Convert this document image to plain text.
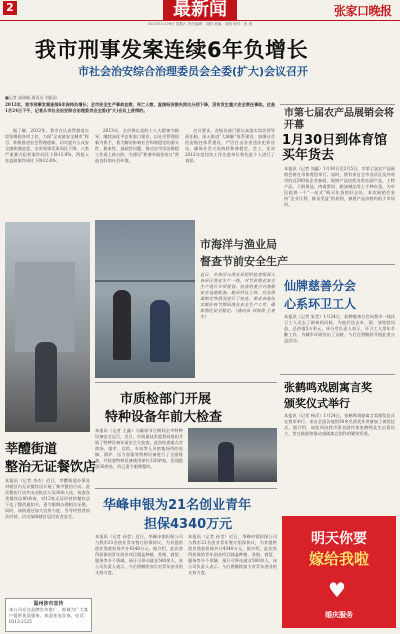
2	最新闻
2013年1月26日 星期六 责任编辑：刘阳 美编：刘阳 校对：张 燕
张家口晚报
我市刑事发案连续6年负增长
市社会治安综合治理委员会全委(扩大)会议召开
■记者 高瑞峰 通讯员 刘振国
2012年，我市刑事发案连续6年保持负增长；全市安全生产事故总数、死亡人数、直接经济损失同比分别下降，没有发生重大安全责任事故。这是1月24日下午，记者从市社会治安综合治理委员会全委(扩大)会议上获得的。

据了解，2012年，我市在认真贯彻落实综治维稳各项工作，力保“全省最安全城市”称号，积极推进社会管理创新，切实提升公众安全感和满意度。全市刑事发案同比下降，八类严重暴力犯罪案件同比下降13.9%，两抢入室盗窃案件同比下降12.6%。

2013年，全市将以党的十八大精神为指导，继续深化平安张家口建设，以社会管理创新为抓手，着力解决影响社会和谐稳定的源头性、根本性、基础性问题，推动全市综治维稳工作再上新台阶，为建设“和谐幸福张家口”营造良好的社会环境。

会议要求，各级各部门要认真落实综治领导责任制，深入推进“大调解”体系建设，加强社会治安防控体系建设，严厉打击各类违法犯罪活动，确保社会大局持续和谐稳定。会上，还对2012年度综治工作先进单位和先进个人进行了表彰。

市第七届农产品展销会将开幕
1月30日到体育馆买年货去
本报讯（记者 刘鑫）1月30日至2月5日，市第七届农产品展销会将在市体育馆举行。届时，将有来自全市各县区及外省市的近200家企业参展，展销产品包括各类农副产品、土特产品、干鲜果品、肉禽蛋奶、粮油制品等上千种年货，为市民提供一个“一站式”购买年货的好去处。本次展销会坚持“企业让利、群众受益”的原则，参展产品价格均低于市场价。
市海洋与渔业局
督查节前安全生产
近日，市海洋与渔业局组织检查组深入各县区渔业生产一线，对节前渔业安全生产进行专项督查。检查组重点对渔船安全设施配备、船员持证上岗、应急预案制定等情况进行了检查，要求各地切实做好春节期间渔业安全生产工作，确保渔区安全稳定。（通讯员 刘海涛 王春生）
仙牌慈善分会
心系环卫工人
本报讯（记者 朱莹）1月24日，仙牌慈善分会向我市一线环卫工人送去了新春的问候，为他们送去米、面、油等慰问品，总价值5万余元。该分会负责人表示，环卫工人常年辛勤工作，为城市环境作出了贡献，今后还将继续开展此类公益活动。
张鹤鸣戏剧寓言奖
颁奖仪式举行
本报讯（记者 杨洋）1月24日，张鹤鸣戏剧寓言奖颁奖仪式在我市举行。来自全国各地的30余名获奖作者参加了颁奖仪式。据介绍，该奖项由我市著名剧作家张鹤鸣先生出资设立，旨在鼓励和推动戏剧寓言创作的繁荣发展。
明天你要
嫁给我啦
♥
婚庆服务
莘醴街道
整治无证餐饮店
本报讯（记者 李杰）近日，莘醴街道办事处对辖区内无证餐饮店开展了集中整治行动。此次整治行动共出动执法人员30余人次，检查各类餐饮店80余家，对12家无证经营的餐饮店下达了整改通知书，责令限期办理相关证照。同时，该街道还加大宣传力度，引导经营者依法经营，切实保障辖区居民饮食安全。
温州涉市宣传
本公司专注品牌宣传推广，竭诚为广大客户提供优质服务。欢迎来电咨询。电话：0313-2125
市质检部门开展
特种设备年前大检查
本报讯（记者 王鑫）为确保节日期间全市特种设备安全运行，近日，市质量技术监督局组织开展了特种设备年前安全大检查。此次检查重点对商场、超市、宾馆、车站等人员密集场所的电梯、锅炉、压力容器等特种设备进行了全面排查，共检查特种设备使用单位120余家，发现隐患30余处，均已责令限期整改。
华峰申银为21名创业青年
担保4340万元
本报讯（记者 孙莹）近日，华峰申银担保公司与我市21名创业青年签订担保协议，为其提供创业贷款担保共计4340万元。据介绍，此次获得担保的青年创业项目涵盖种植、养殖、商贸、服务等多个领域，预计可带动就业500余人。该公司负责人表示，今后将继续加大对青年创业的支持力度。
本报讯（记者 孙莹）近日，华峰申银担保公司与我市21名创业青年签订担保协议，为其提供创业贷款担保共计4340万元。据介绍，此次获得担保的青年创业项目涵盖种植、养殖、商贸、服务等多个领域，预计可带动就业500余人。该公司负责人表示，今后将继续加大对青年创业的支持力度。
